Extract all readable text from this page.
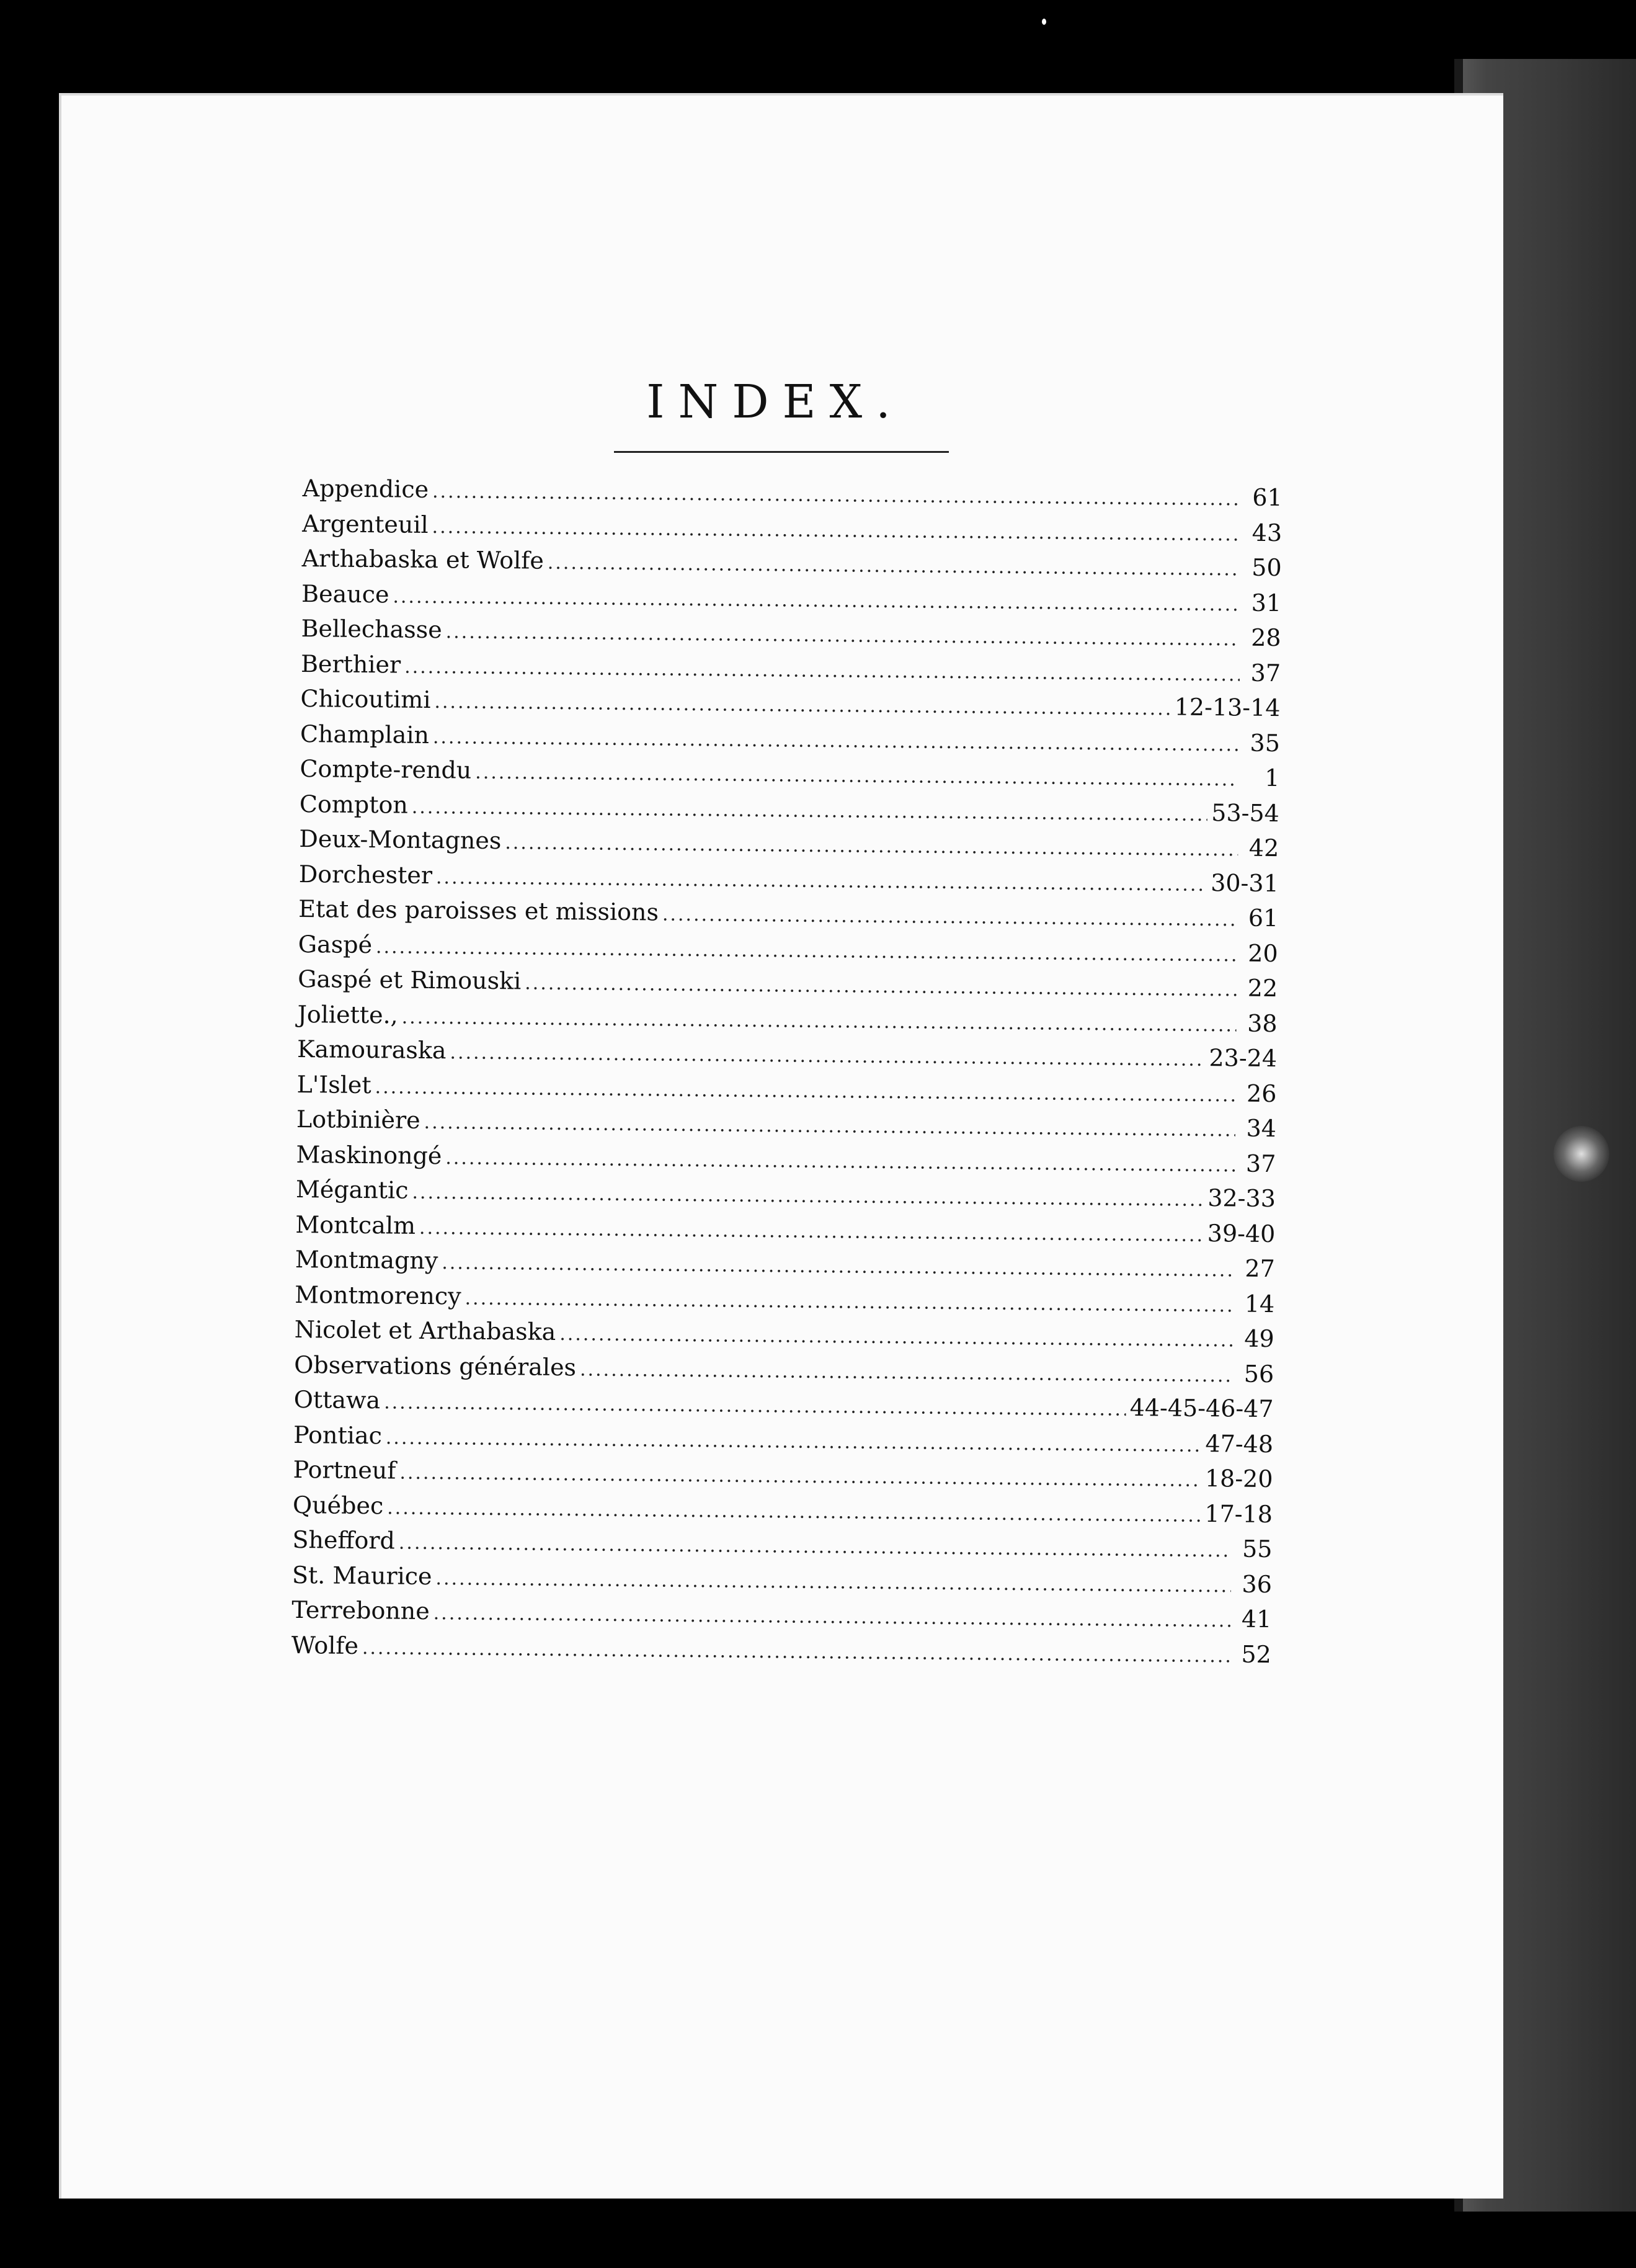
INDEX.
Appendice .....	61
Argenteuil .....	43
Arthabaska et Wolfe .....	50
Beauce .....	31
Bellechasse .....	28
Berthier .....	37
Chicoutimi .....	12-13-14
Champlain .....	35
Compte-rendu .....	1
Compton .....	53-54
Deux-Montagnes .....	42
Dorchester .....	30-31
Etat des paroisses et missions .....	61
Gaspé .....	20
Gaspé et Rimouski .....	22
Joliette., .....	38
Kamouraska .....	23-24
L'Islet .....	26
Lotbinière .....	34
Maskinongé .....	37
Mégantic .....	32-33
Montcalm .....	39-40
Montmagny .....	27
Montmorency .....	14
Nicolet et Arthabaska .....	49
Observations générales .....	56
Ottawa .....	44-45-46-47
Pontiac .....	47-48
Portneuf .....	18-20
Québec .....	17-18
Shefford .....	55
St. Maurice .....	36
Terrebonne .....	41
Wolfe .....	52
